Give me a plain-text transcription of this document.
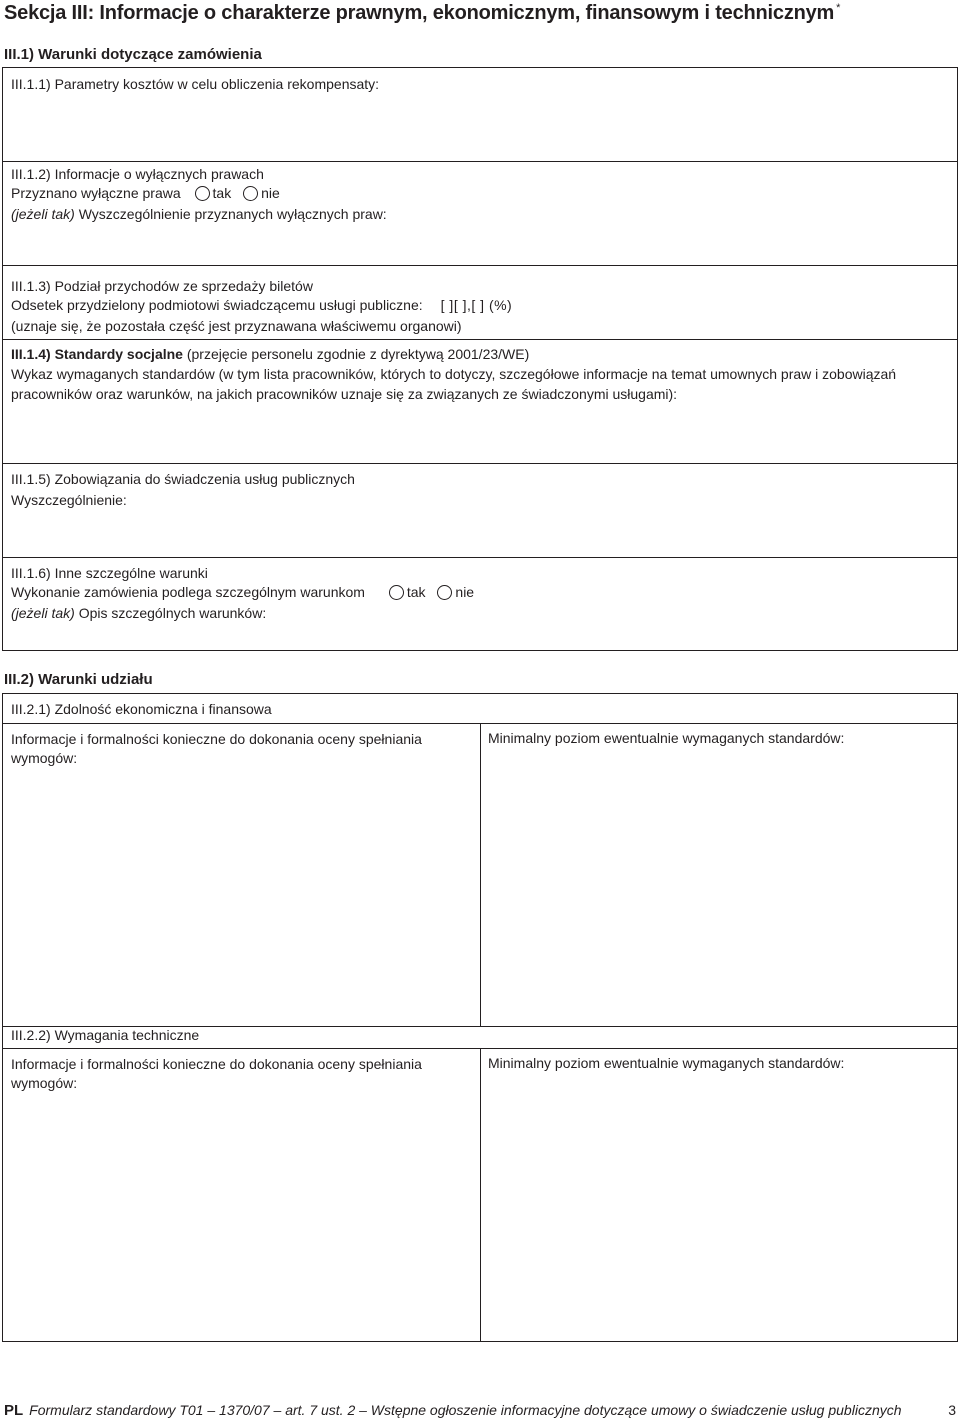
Sekcja III: Informacje o charakterze prawnym, ekonomicznym, finansowym i technicznym *
III.1) Warunki dotyczące zamówienia
III.1.1) Parametry kosztów w celu obliczenia rekompensaty:
III.1.2) Informacje o wyłącznych prawach
Przyznano wyłączne prawa tak nie
(jeżeli tak) Wyszczególnienie przyznanych wyłącznych praw:
III.1.3) Podział przychodów ze sprzedaży biletów
Odsetek przydzielony podmiotowi świadczącemu usługi publiczne: [ ][ ],[ ] (%)
(uznaje się, że pozostała część jest przyznawana właściwemu organowi)
III.1.4) Standardy socjalne (przejęcie personelu zgodnie z dyrektywą 2001/23/WE)
Wykaz wymaganych standardów (w tym lista pracowników, których to dotyczy, szczegółowe informacje na temat umownych praw i zobowiązań
pracowników oraz warunków, na jakich pracowników uznaje się za związanych ze świadczonymi usługami):
III.1.5) Zobowiązania do świadczenia usług publicznych
Wyszczególnienie:
III.1.6) Inne szczególne warunki
Wykonanie zamówienia podlega szczególnym warunkom	tak nie
(jeżeli tak) Opis szczególnych warunków:
III.2) Warunki udziału
III.2.1) Zdolność ekonomiczna i finansowa
Informacje i formalności konieczne do dokonania oceny spełniania wymogów:
Minimalny poziom ewentualnie wymaganych standardów:
III.2.2) Wymagania techniczne
Informacje i formalności konieczne do dokonania oceny spełniania wymogów:
Minimalny poziom ewentualnie wymaganych standardów:
PL Formularz standardowy T01 – 1370/07 – art. 7 ust. 2 – Wstępne ogłoszenie informacyjne dotyczące umowy o świadczenie usług publicznych	3
